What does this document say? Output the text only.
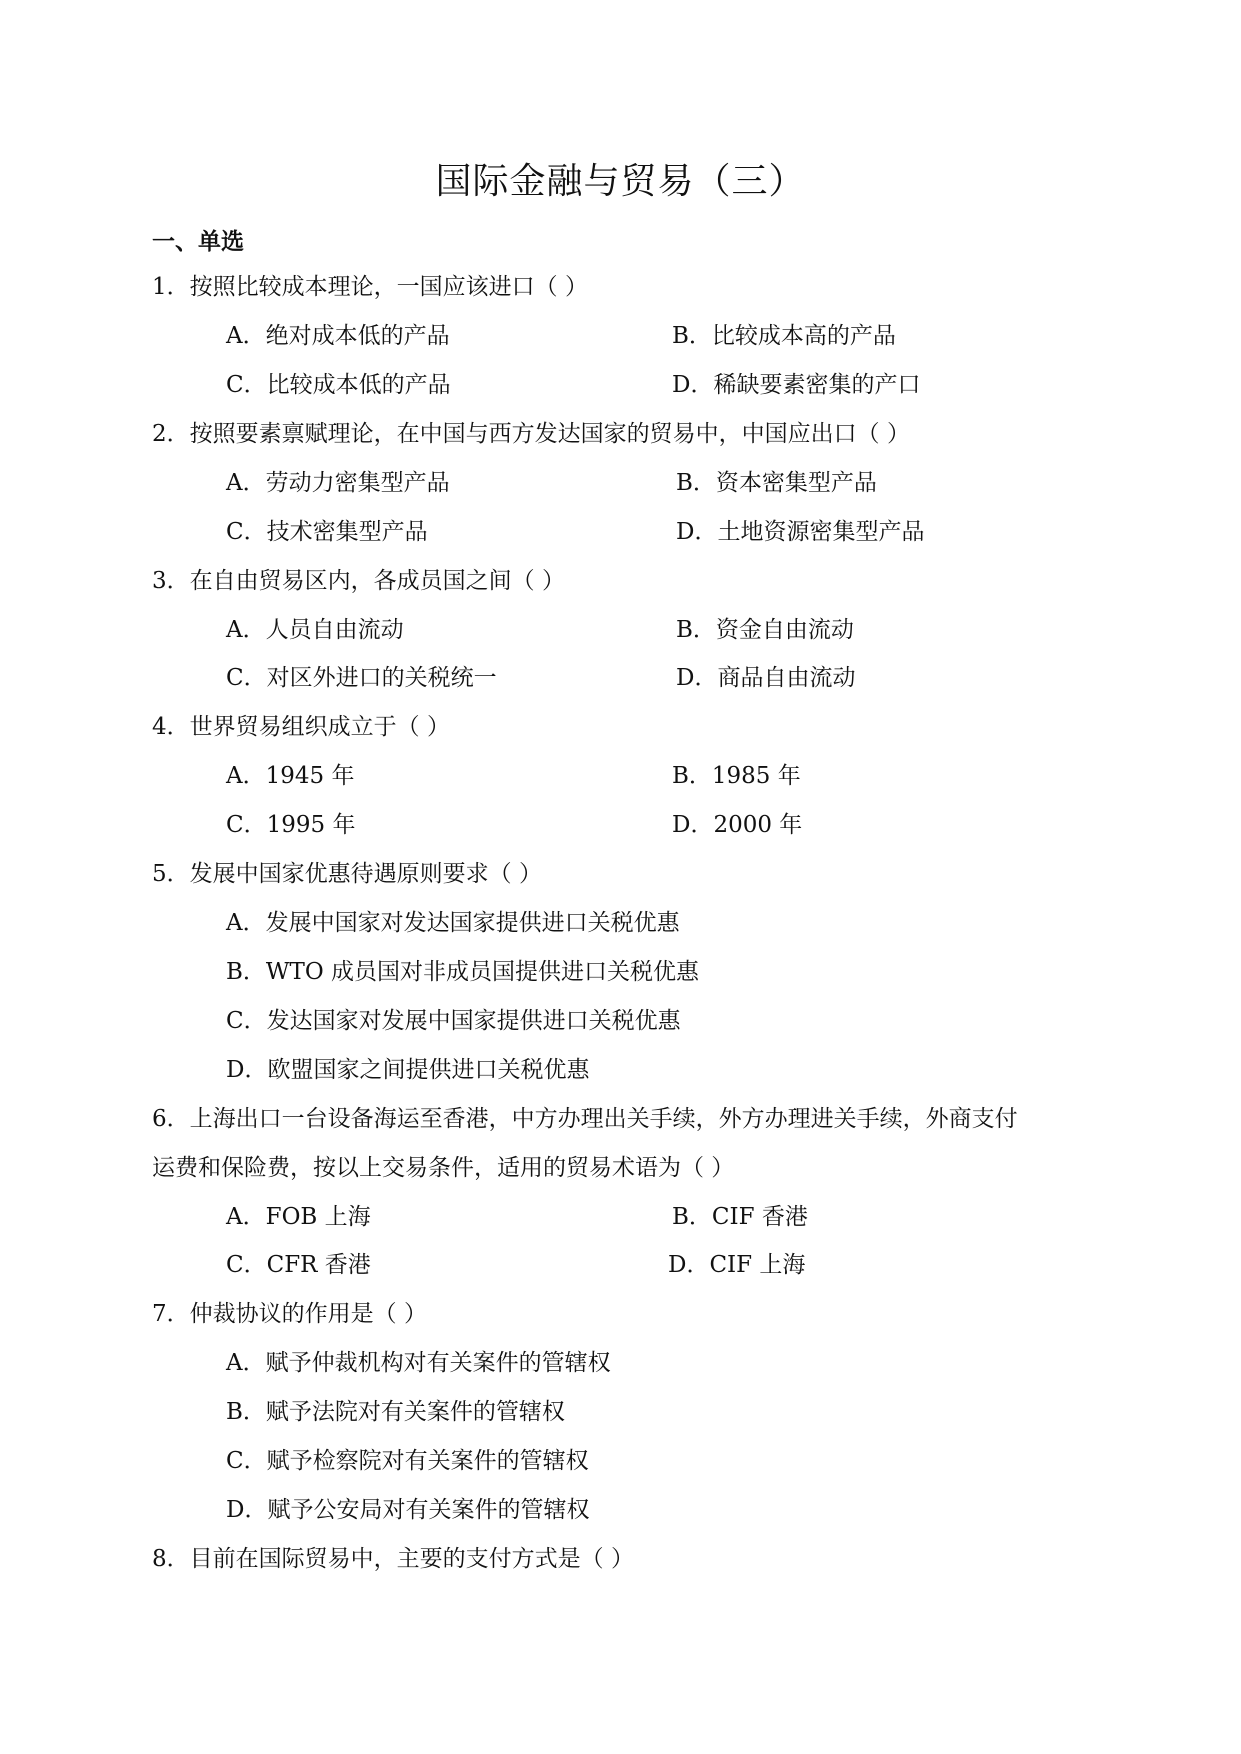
国际金融与贸易（三）
一、单选
1．按照比较成本理论，一国应该进口（ ）
A．绝对成本低的产品	B．比较成本高的产品
C．比较成本低的产品	D．稀缺要素密集的产口
2．按照要素禀赋理论，在中国与西方发达国家的贸易中，中国应出口（ ）
A．劳动力密集型产品	B．资本密集型产品
C．技术密集型产品	D．土地资源密集型产品
3．在自由贸易区内，各成员国之间（ ）
A．人员自由流动	B．资金自由流动
C．对区外进口的关税统一	D．商品自由流动
4．世界贸易组织成立于（ ）
A．1945 年	B．1985 年
C．1995 年	D．2000 年
5．发展中国家优惠待遇原则要求（ ）
A．发展中国家对发达国家提供进口关税优惠
B．WTO 成员国对非成员国提供进口关税优惠
C．发达国家对发展中国家提供进口关税优惠
D．欧盟国家之间提供进口关税优惠
6．上海出口一台设备海运至香港，中方办理出关手续，外方办理进关手续，外商支付
运费和保险费，按以上交易条件，适用的贸易术语为（ ）
A．FOB 上海	B．CIF 香港
C．CFR 香港	D．CIF 上海
7．仲裁协议的作用是（ ）
A．赋予仲裁机构对有关案件的管辖权
B．赋予法院对有关案件的管辖权
C．赋予检察院对有关案件的管辖权
D．赋予公安局对有关案件的管辖权
8．目前在国际贸易中，主要的支付方式是（ ）
